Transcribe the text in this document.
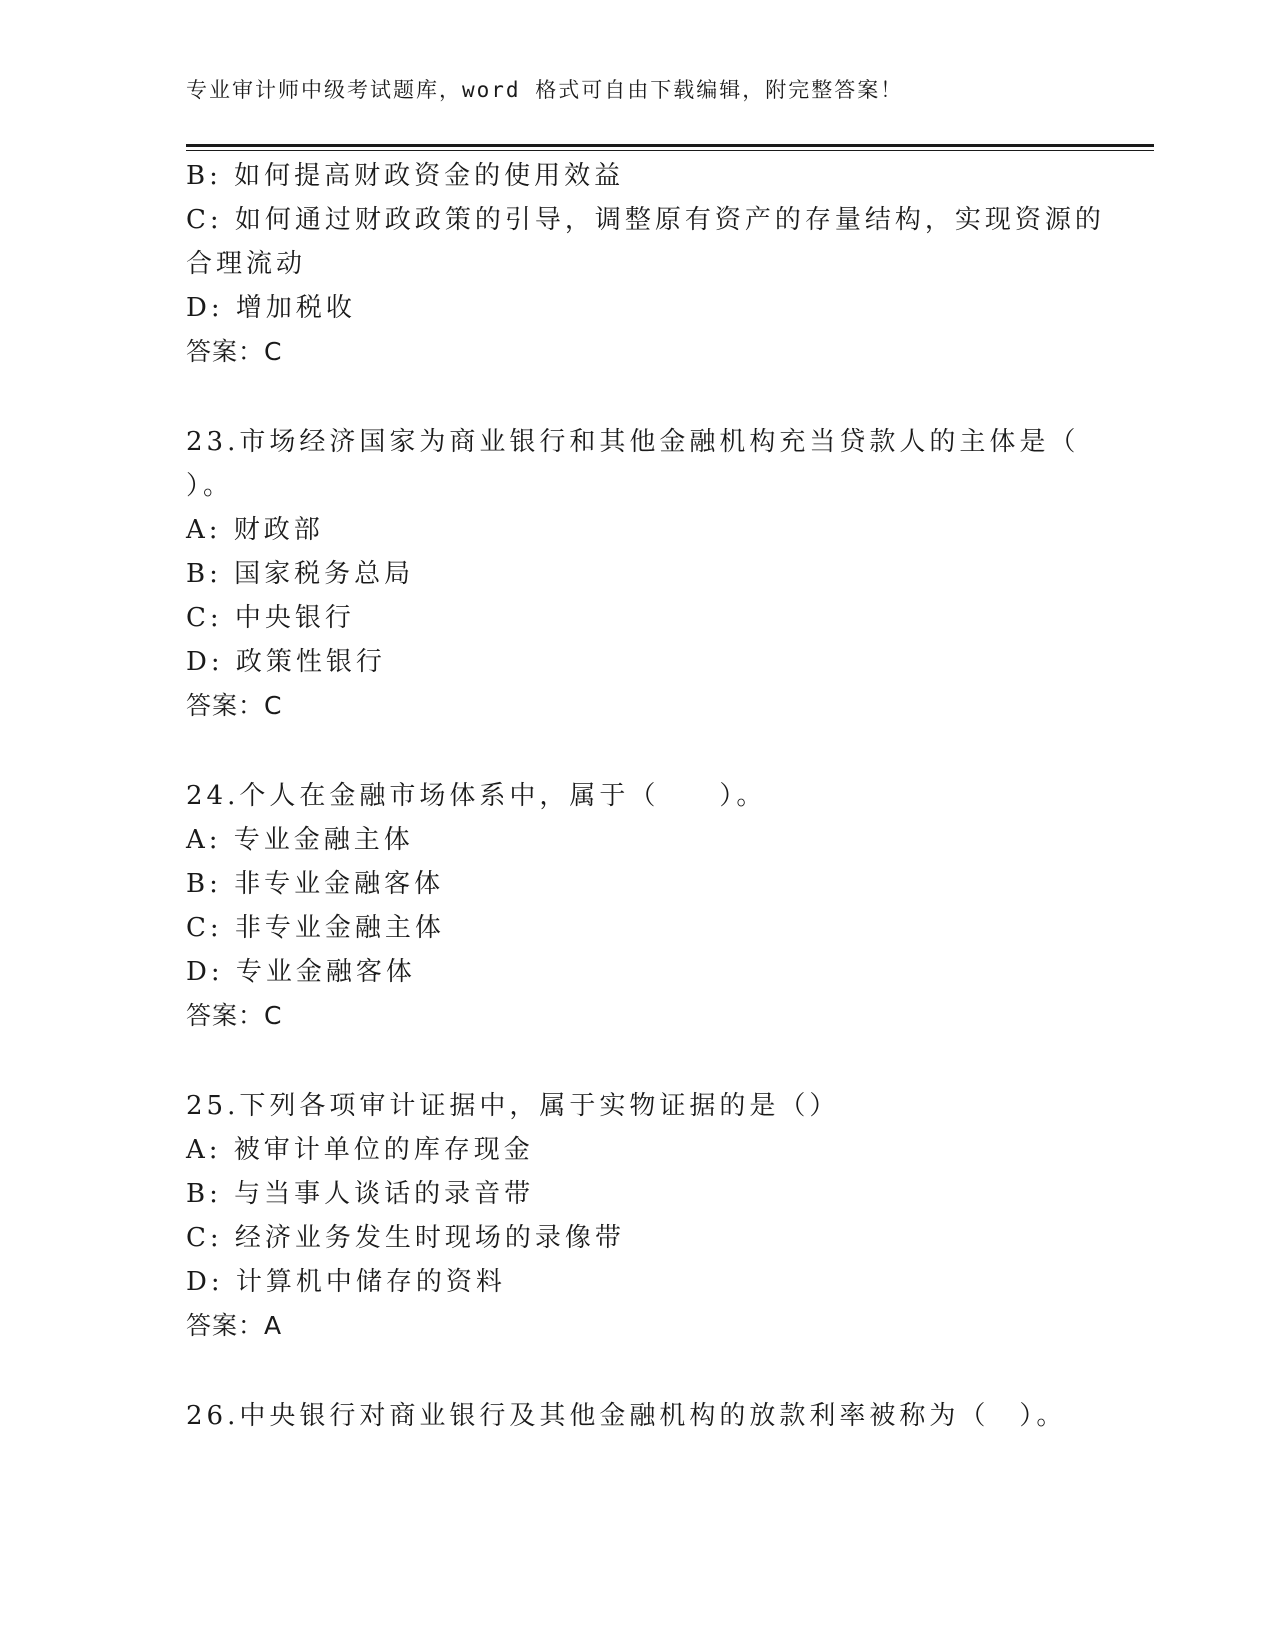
专业审计师中级考试题库，word 格式可自由下载编辑，附完整答案！
B: 如何提高财政资金的使用效益
C: 如何通过财政政策的引导，调整原有资产的存量结构，实现资源的
合理流动
D: 增加税收
答案：C
23.市场经济国家为商业银行和其他金融机构充当贷款人的主体是（
）。
A: 财政部
B: 国家税务总局
C: 中央银行
D: 政策性银行
答案：C
24.个人在金融市场体系中，属于（　　）。
A: 专业金融主体
B: 非专业金融客体
C: 非专业金融主体
D: 专业金融客体
答案：C
25.下列各项审计证据中，属于实物证据的是（）
A: 被审计单位的库存现金
B: 与当事人谈话的录音带
C: 经济业务发生时现场的录像带
D: 计算机中储存的资料
答案：A
26.中央银行对商业银行及其他金融机构的放款利率被称为（　）。
